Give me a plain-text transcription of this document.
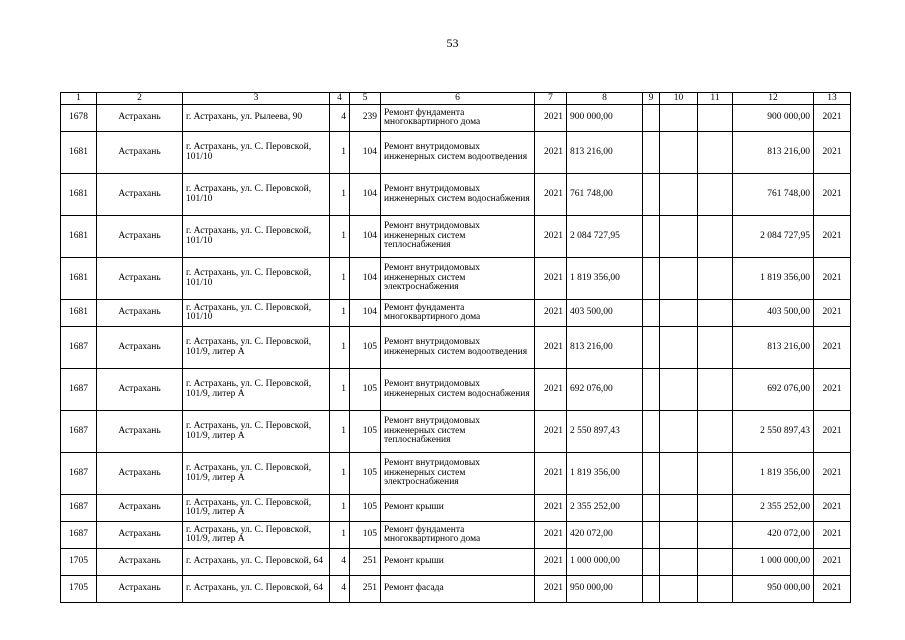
53
1	2	3	4	5	6	7	8	9	10	11	12	13
1678	Астрахань	г. Астрахань, ул. Рылеева, 90	4	239	Ремонт фундамента многоквартирного дома	2021	900 000,00				900 000,00	2021
1681	Астрахань	г. Астрахань, ул. С. Перовской, 101/10	1	104	Ремонт внутридомовых инженерных систем водоотведения	2021	813 216,00				813 216,00	2021
1681	Астрахань	г. Астрахань, ул. С. Перовской, 101/10	1	104	Ремонт внутридомовых инженерных систем водоснабжения	2021	761 748,00				761 748,00	2021
1681	Астрахань	г. Астрахань, ул. С. Перовской, 101/10	1	104	Ремонт внутридомовых инженерных систем теплоснабжения	2021	2 084 727,95				2 084 727,95	2021
1681	Астрахань	г. Астрахань, ул. С. Перовской, 101/10	1	104	Ремонт внутридомовых инженерных систем электроснабжения	2021	1 819 356,00				1 819 356,00	2021
1681	Астрахань	г. Астрахань, ул. С. Перовской, 101/10	1	104	Ремонт фундамента многоквартирного дома	2021	403 500,00				403 500,00	2021
1687	Астрахань	г. Астрахань, ул. С. Перовской, 101/9, литер А	1	105	Ремонт внутридомовых инженерных систем водоотведения	2021	813 216,00				813 216,00	2021
1687	Астрахань	г. Астрахань, ул. С. Перовской, 101/9, литер А	1	105	Ремонт внутридомовых инженерных систем водоснабжения	2021	692 076,00				692 076,00	2021
1687	Астрахань	г. Астрахань, ул. С. Перовской, 101/9, литер А	1	105	Ремонт внутридомовых инженерных систем теплоснабжения	2021	2 550 897,43				2 550 897,43	2021
1687	Астрахань	г. Астрахань, ул. С. Перовской, 101/9, литер А	1	105	Ремонт внутридомовых инженерных систем электроснабжения	2021	1 819 356,00				1 819 356,00	2021
1687	Астрахань	г. Астрахань, ул. С. Перовской, 101/9, литер А	1	105	Ремонт крыши	2021	2 355 252,00				2 355 252,00	2021
1687	Астрахань	г. Астрахань, ул. С. Перовской, 101/9, литер А	1	105	Ремонт фундамента многоквартирного дома	2021	420 072,00				420 072,00	2021
1705	Астрахань	г. Астрахань, ул. С. Перовской, 64	4	251	Ремонт крыши	2021	1 000 000,00				1 000 000,00	2021
1705	Астрахань	г. Астрахань, ул. С. Перовской, 64	4	251	Ремонт фасада	2021	950 000,00				950 000,00	2021
